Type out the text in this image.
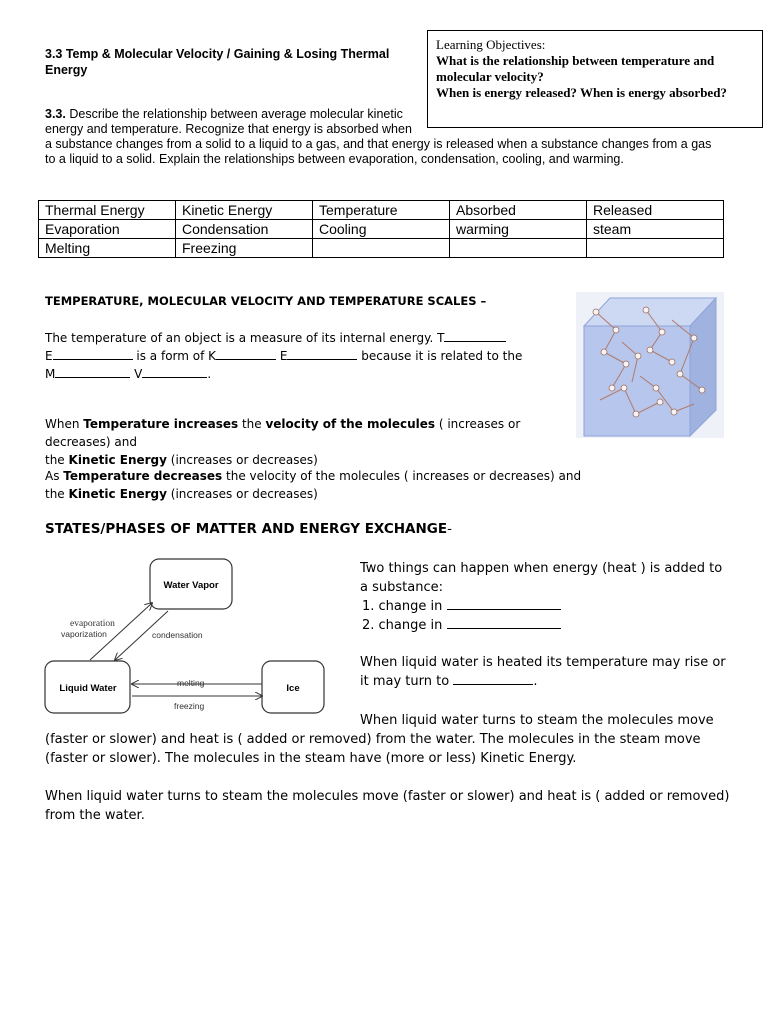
3.3 Temp & Molecular Velocity / Gaining & Losing Thermal Energy
Learning Objectives:
What is the relationship between temperature and molecular velocity?
When is energy released? When is energy absorbed?
3.3. Describe the relationship between average molecular kinetic
energy and temperature. Recognize that energy is absorbed when
a substance changes from a solid to a liquid to a gas, and that energy is released when a substance changes from a gas
to a liquid to a solid. Explain the relationships between evaporation, condensation, cooling, and warming.
Thermal Energy	Kinetic Energy	Temperature	Absorbed	Released
Evaporation	Condensation	Cooling	warming	steam
Melting	Freezing			
TEMPERATURE, MOLECULAR VELOCITY AND TEMPERATURE SCALES –
The temperature of an object is a measure of its internal energy. T
E	is a form of K	E	because it is related to the
M	V	.
When Temperature increases the velocity of the molecules ( increases or decreases) and
the Kinetic Energy (increases or decreases)
As Temperature decreases the velocity of the molecules ( increases or decreases) and
the Kinetic Energy (increases or decreases)
STATES/PHASES OF MATTER AND ENERGY EXCHANGE-
Water Vapor
Liquid Water	Ice
evaporation
vaporization	condensation
melting
freezing
Two things can happen when energy (heat ) is added to a substance:
1. change in
2. change in
When liquid water is heated its temperature may rise or it may turn to	.
When liquid water turns to steam the molecules move (faster or slower) and heat is ( added or removed) from the water. The molecules in the steam move (faster or slower). The molecules in the steam have (more or less) Kinetic Energy.
When liquid water turns to steam the molecules move (faster or slower) and heat is ( added or removed) from the water.
